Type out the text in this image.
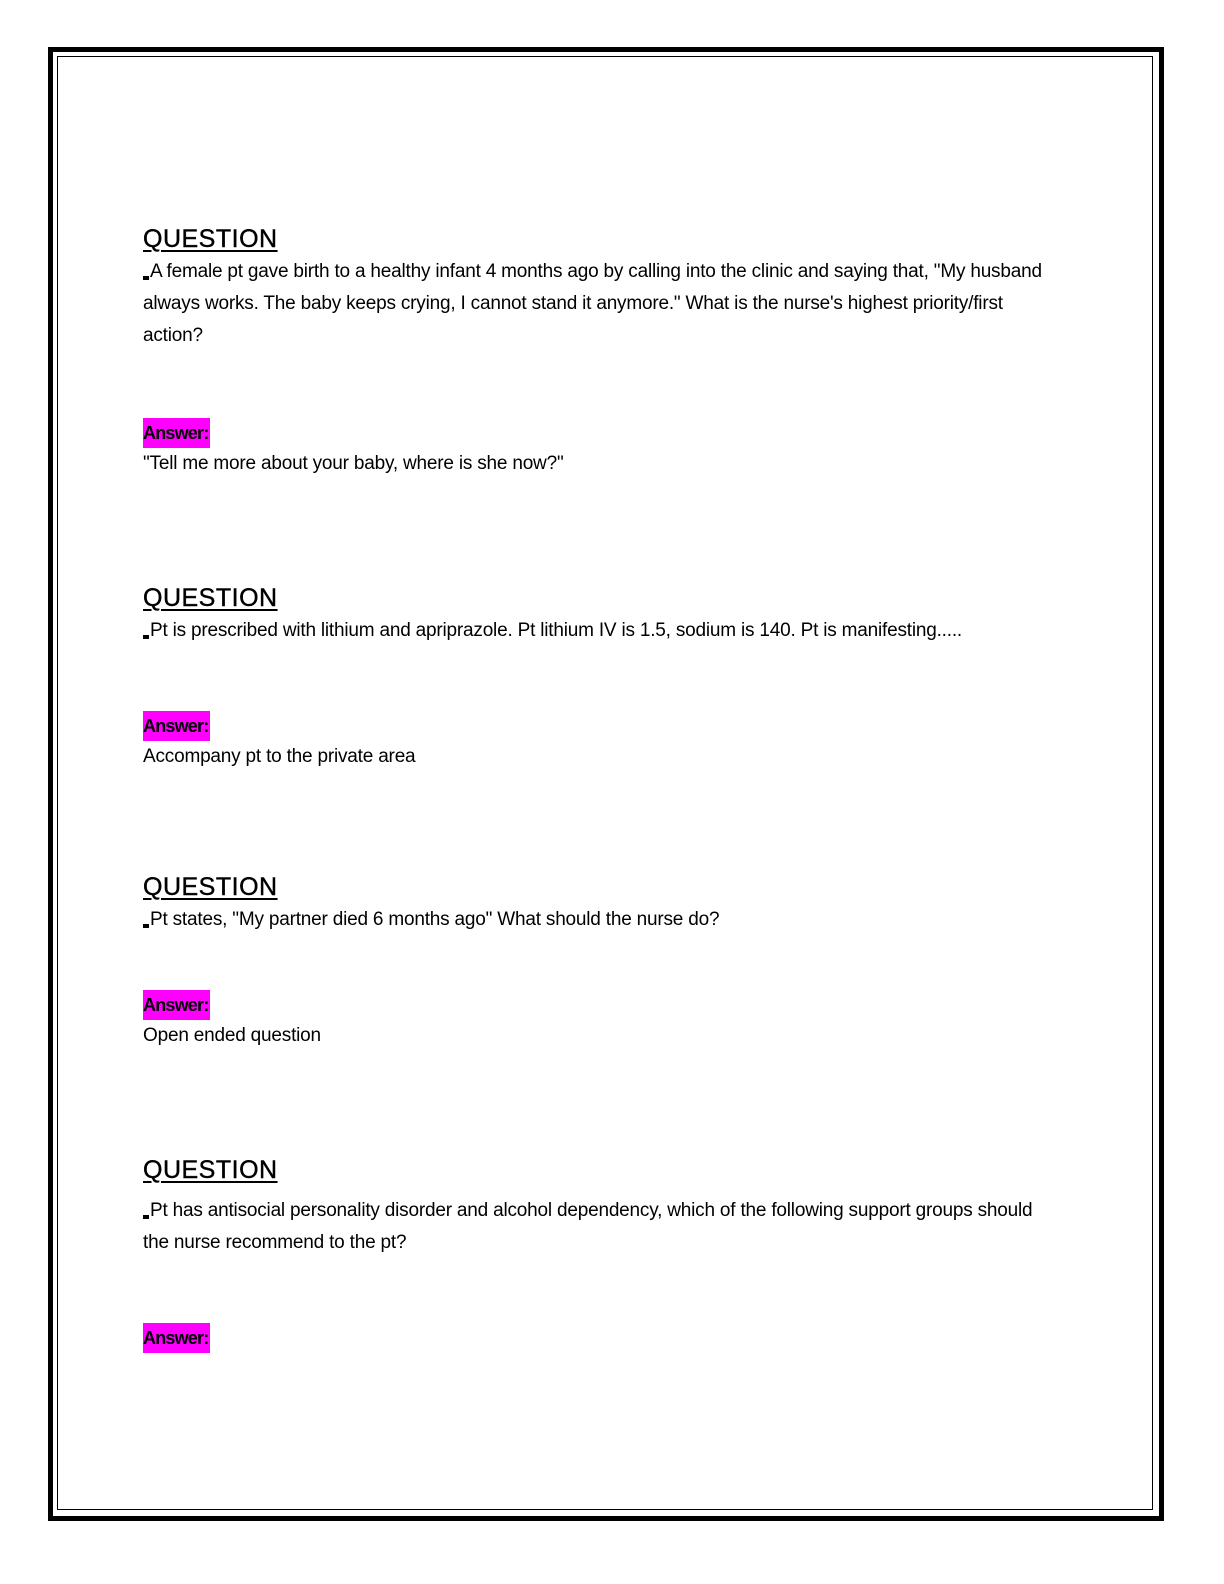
QUESTION

A female pt gave birth to a healthy infant 4 months ago by calling into the clinic and saying that, "My husband always works. The baby keeps crying, I cannot stand it anymore." What is the nurse's highest priority/first action?

Answer:

"Tell me more about your baby, where is she now?"

QUESTION

Pt is prescribed with lithium and apriprazole. Pt lithium IV is 1.5, sodium is 140. Pt is manifesting.....

Answer:

Accompany pt to the private area

QUESTION

Pt states, "My partner died 6 months ago" What should the nurse do?

Answer:

Open ended question

QUESTION

Pt has antisocial personality disorder and alcohol dependency, which of the following support groups should the nurse recommend to the pt?

Answer:
